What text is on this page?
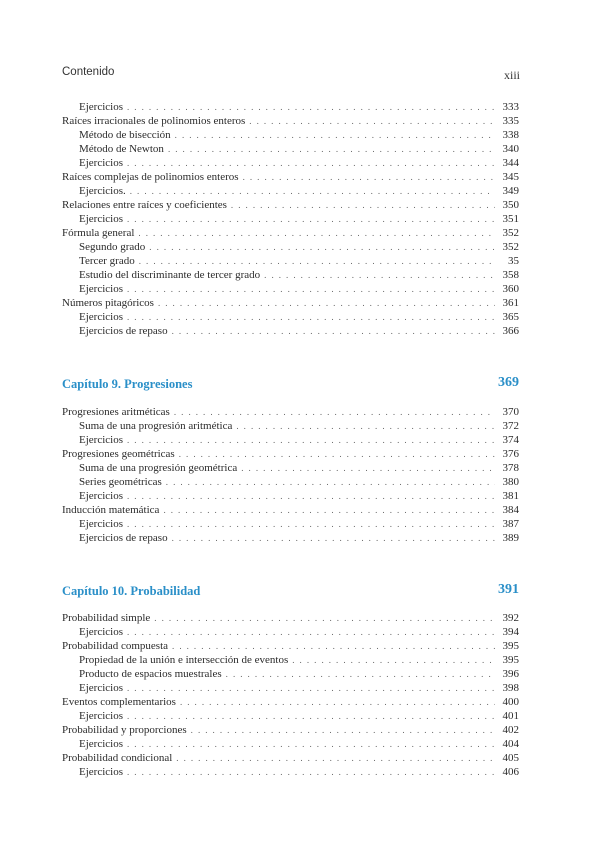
Contenido	xiii
Ejercicios . . .	333
Raíces irracionales de polinomios enteros . . .	335
Método de bisección . . .	338
Método de Newton . . .	340
Ejercicios . . .	344
Raíces complejas de polinomios enteros . . .	345
Ejercicios. . . .	349
Relaciones entre raíces y coeficientes . . .	350
Ejercicios . . .	351
Fórmula general . . .	352
Segundo grado . . .	352
Tercer grado . . .	35
Estudio del discriminante de tercer grado . . .	358
Ejercicios . . .	360
Números pitagóricos . . .	361
Ejercicios . . .	365
Ejercicios de repaso . . .	366
Capítulo 9. Progresiones	369
Progresiones aritméticas . . .	370
Suma de una progresión aritmética . . .	372
Ejercicios . . .	374
Progresiones geométricas . . .	376
Suma de una progresión geométrica . . .	378
Series geométricas . . .	380
Ejercicios . . .	381
Inducción matemática . . .	384
Ejercicios . . .	387
Ejercicios de repaso . . .	389
Capítulo 10. Probabilidad	391
Probabilidad simple . . .	392
Ejercicios . . .	394
Probabilidad compuesta . . .	395
Propiedad de la unión e intersección de eventos . . .	395
Producto de espacios muestrales . . .	396
Ejercicios . . .	398
Eventos complementarios . . .	400
Ejercicios . . .	401
Probabilidad y proporciones . . .	402
Ejercicios . . .	404
Probabilidad condicional . . .	405
Ejercicios . . .	406
